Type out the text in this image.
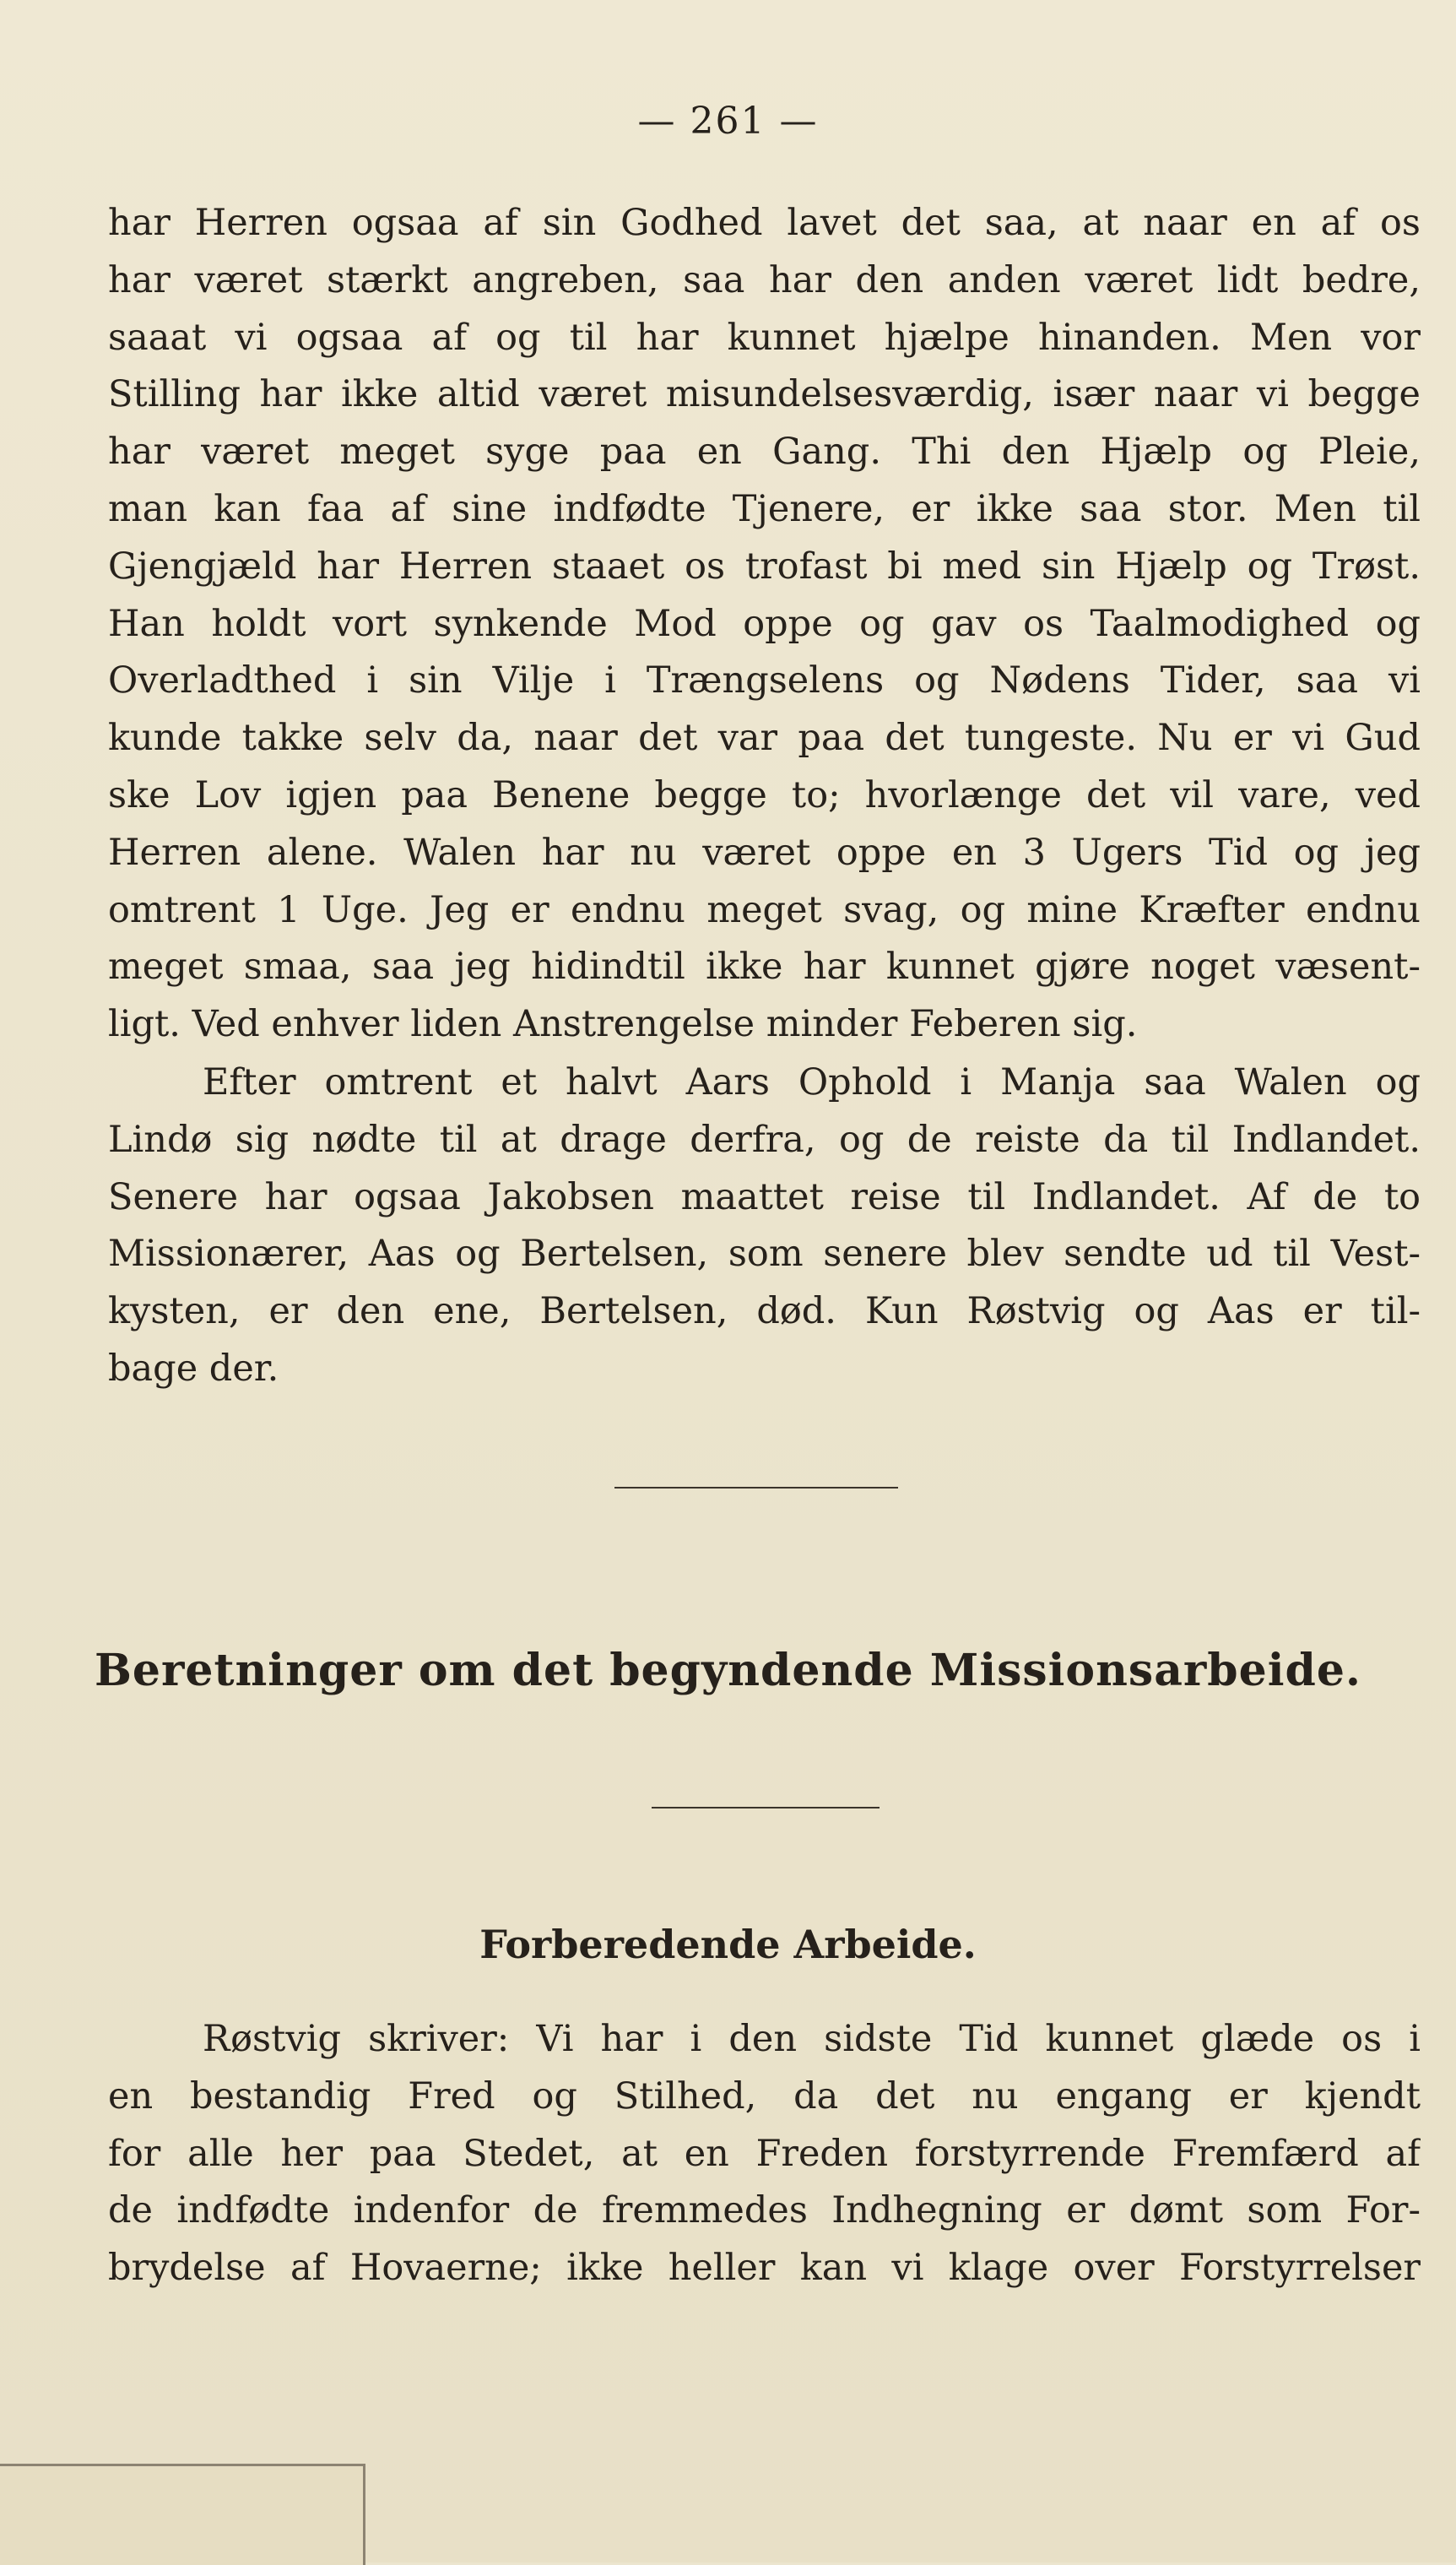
— 261 —
har Herren ogsaa af sin Godhed lavet det saa, at naar en af os
har været stærkt angreben, saa har den anden været lidt bedre,
saaat vi ogsaa af og til har kunnet hjælpe hinanden. Men vor
Stilling har ikke altid været misundelsesværdig, især naar vi begge
har været meget syge paa en Gang. Thi den Hjælp og Pleie,
man kan faa af sine indfødte Tjenere, er ikke saa stor. Men til
Gjengjæld har Herren staaet os trofast bi med sin Hjælp og Trøst.
Han holdt vort synkende Mod oppe og gav os Taalmodighed og
Overladthed i sin Vilje i Trængselens og Nødens Tider, saa vi
kunde takke selv da, naar det var paa det tungeste. Nu er vi Gud
ske Lov igjen paa Benene begge to; hvorlænge det vil vare, ved
Herren alene. Walen har nu været oppe en 3 Ugers Tid og jeg
omtrent 1 Uge. Jeg er endnu meget svag, og mine Kræfter endnu
meget smaa, saa jeg hidindtil ikke har kunnet gjøre noget væsent-
ligt. Ved enhver liden Anstrengelse minder Feberen sig.
Efter omtrent et halvt Aars Ophold i Manja saa Walen og
Lindø sig nødte til at drage derfra, og de reiste da til Indlandet.
Senere har ogsaa Jakobsen maattet reise til Indlandet. Af de to
Missionærer, Aas og Bertelsen, som senere blev sendte ud til Vest-
kysten, er den ene, Bertelsen, død. Kun Røstvig og Aas er til-
bage der.
Beretninger om det begyndende Missionsarbeide.
Forberedende Arbeide.
Røstvig skriver: Vi har i den sidste Tid kunnet glæde os i
en bestandig Fred og Stilhed, da det nu engang er kjendt
for alle her paa Stedet, at en Freden forstyrrende Fremfærd af
de indfødte indenfor de fremmedes Indhegning er dømt som For-
brydelse af Hovaerne; ikke heller kan vi klage over Forstyrrelser
